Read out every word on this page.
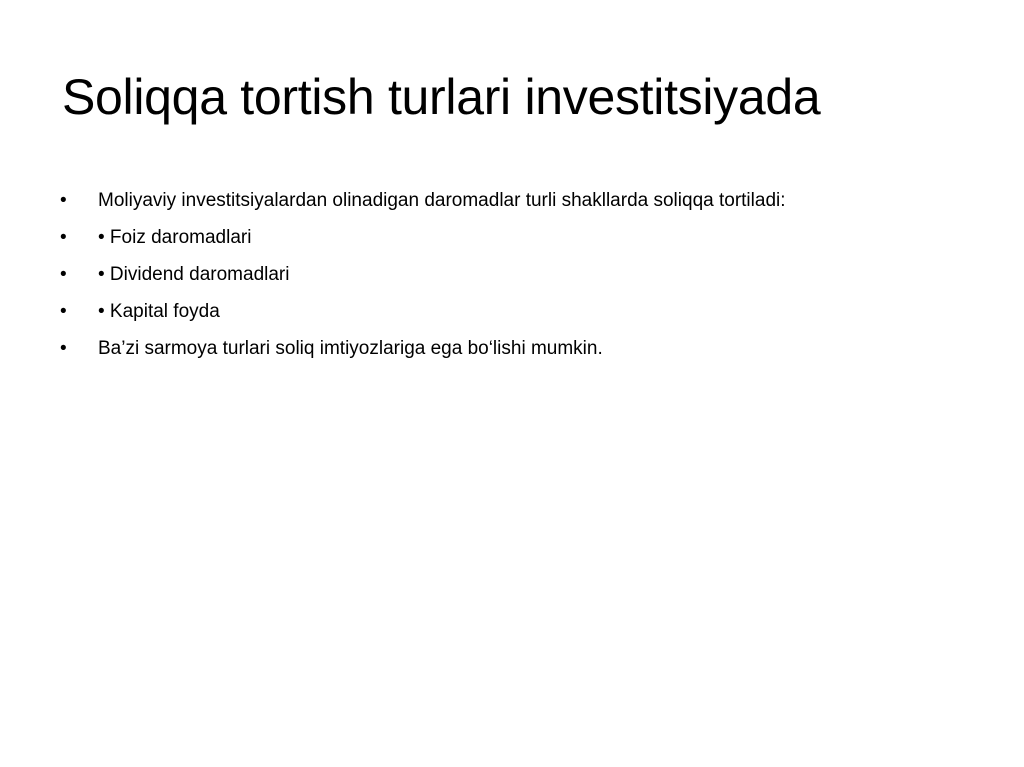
Soliqqa tortish turlari investitsiyada
•	Moliyaviy investitsiyalardan olinadigan daromadlar turli shakllarda soliqqa tortiladi:
•	• Foiz daromadlari
•	• Dividend daromadlari
•	• Kapital foyda
•	Ba’zi sarmoya turlari soliq imtiyozlariga ega bo‘lishi mumkin.
